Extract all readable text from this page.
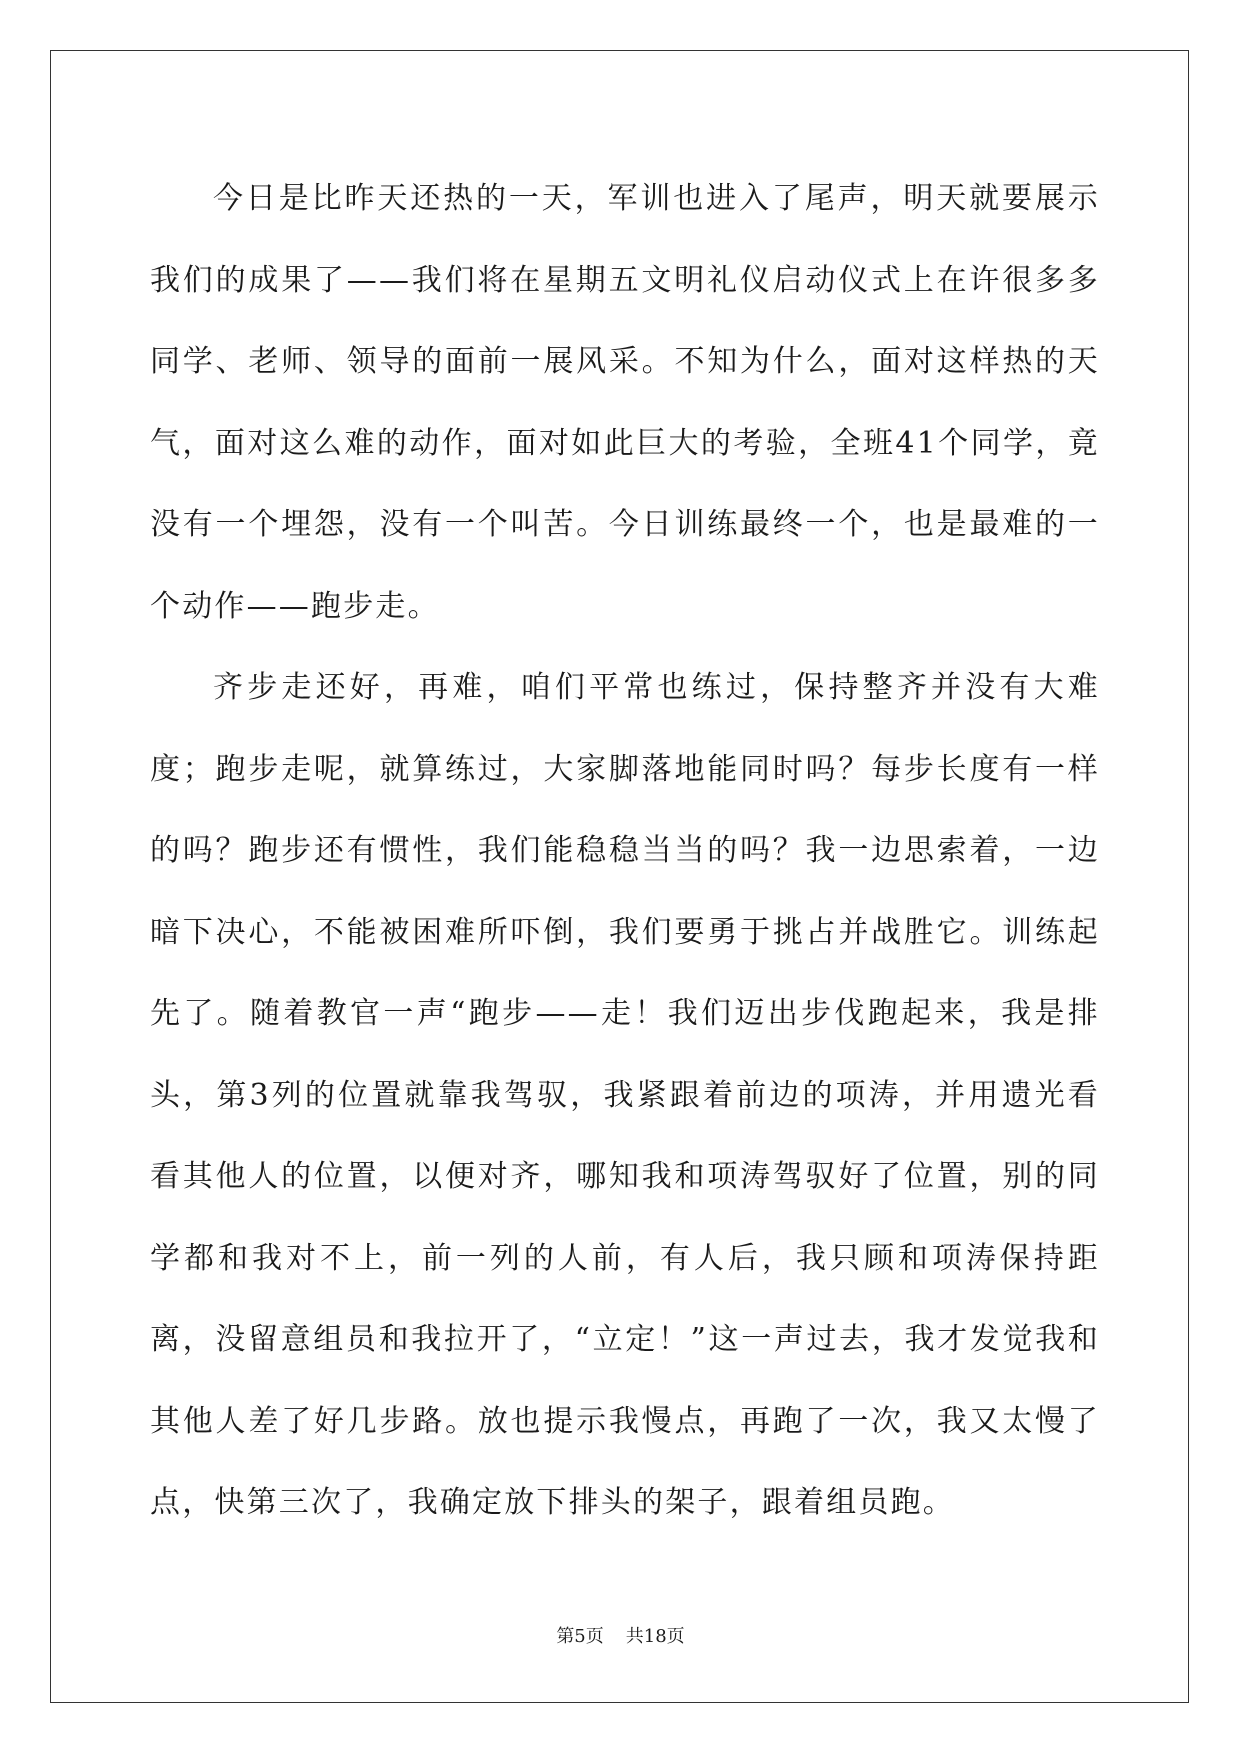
今日是比昨天还热的一天，军训也进入了尾声，明天就要展示我们的成果了——我们将在星期五文明礼仪启动仪式上在许很多多同学、老师、领导的面前一展风采。不知为什么，面对这样热的天气，面对这么难的动作，面对如此巨大的考验，全班41个同学，竟没有一个埋怨，没有一个叫苦。今日训练最终一个，也是最难的一个动作——跑步走。

齐步走还好，再难，咱们平常也练过，保持整齐并没有大难度；跑步走呢，就算练过，大家脚落地能同时吗？每步长度有一样的吗？跑步还有惯性，我们能稳稳当当的吗？我一边思索着，一边暗下决心，不能被困难所吓倒，我们要勇于挑占并战胜它。训练起先了。随着教官一声“跑步——走！我们迈出步伐跑起来，我是排头，第3列的位置就靠我驾驭，我紧跟着前边的项涛，并用遗光看看其他人的位置，以便对齐，哪知我和项涛驾驭好了位置，别的同学都和我对不上，前一列的人前，有人后，我只顾和项涛保持距离，没留意组员和我拉开了，“立定！”这一声过去，我才发觉我和其他人差了好几步路。放也提示我慢点，再跑了一次，我又太慢了点，快第三次了，我确定放下排头的架子，跟着组员跑。

第5页 共18页
